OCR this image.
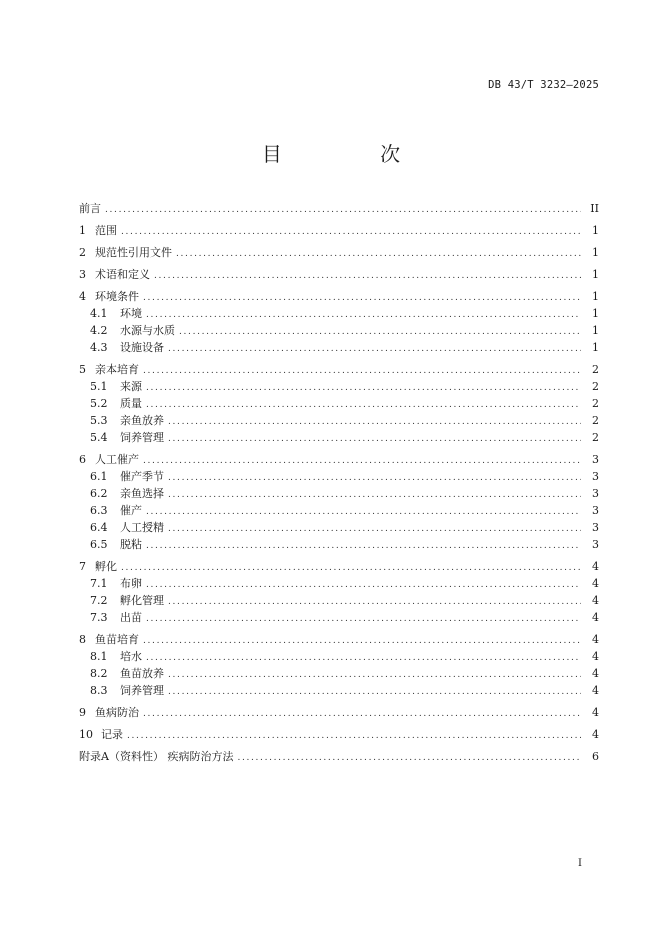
DB 43/T 3232—2025
目 次
前言 . . .	II
1 范围 . . .	1
2 规范性引用文件 . . .	1
3 术语和定义 . . .	1
4 环境条件 . . .	1
4.1	环境 . . .	1
4.2	水源与水质 . . .	1
4.3	设施设备 . . .	1
5 亲本培育 . . .	2
5.1	来源 . . .	2
5.2	质量 . . .	2
5.3	亲鱼放养 . . .	2
5.4	饲养管理 . . .	2
6 人工催产 . . .	3
6.1	催产季节 . . .	3
6.2	亲鱼选择 . . .	3
6.3	催产 . . .	3
6.4	人工授精 . . .	3
6.5	脱粘 . . .	3
7 孵化 . . .	4
7.1	布卵 . . .	4
7.2	孵化管理 . . .	4
7.3	出苗 . . .	4
8 鱼苗培育 . . .	4
8.1	培水 . . .	4
8.2	鱼苗放养 . . .	4
8.3	饲养管理 . . .	4
9 鱼病防治 . . .	4
10 记录 . . .	4
附录A（资料性） 疾病防治方法 . . .	6
I
